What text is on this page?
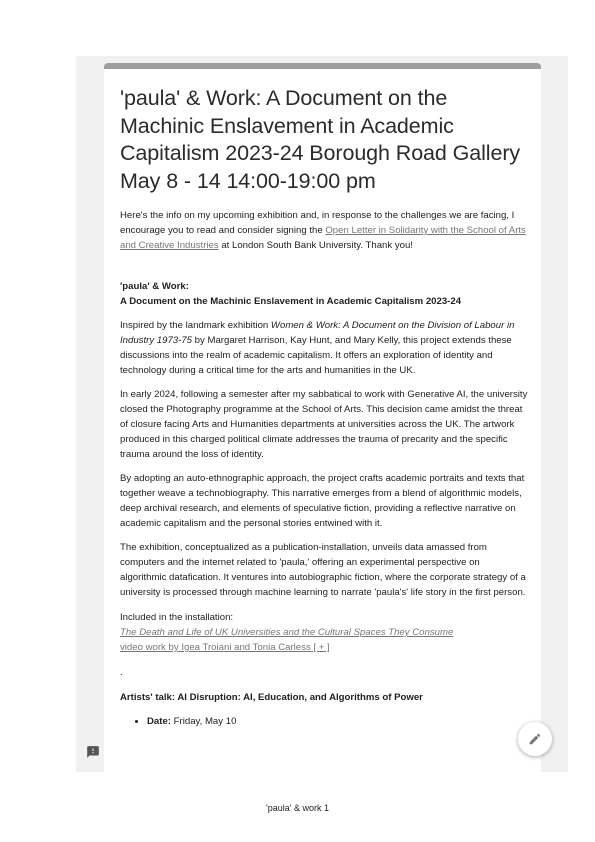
'paula' & Work: A Document on the Machinic Enslavement in Academic Capitalism 2023-24 Borough Road Gallery May 8 - 14 14:00-19:00 pm

Here's the info on my upcoming exhibition and, in response to the challenges we are facing, I encourage you to read and consider signing the Open Letter in Solidarity with the School of Arts and Creative Industries at London South Bank University. Thank you!

'paula' & Work:
A Document on the Machinic Enslavement in Academic Capitalism 2023-24

Inspired by the landmark exhibition Women & Work: A Document on the Division of Labour in Industry 1973-75 by Margaret Harrison, Kay Hunt, and Mary Kelly, this project extends these discussions into the realm of academic capitalism. It offers an exploration of identity and technology during a critical time for the arts and humanities in the UK.

In early 2024, following a semester after my sabbatical to work with Generative AI, the university closed the Photography programme at the School of Arts. This decision came amidst the threat of closure facing Arts and Humanities departments at universities across the UK. The artwork produced in this charged political climate addresses the trauma of precarity and the specific trauma around the loss of identity.

By adopting an auto-ethnographic approach, the project crafts academic portraits and texts that together weave a technobiography. This narrative emerges from a blend of algorithmic models, deep archival research, and elements of speculative fiction, providing a reflective narrative on academic capitalism and the personal stories entwined with it.

The exhibition, conceptualized as a publication-installation, unveils data amassed from computers and the internet related to 'paula,' offering an experimental perspective on algorithmic datafication. It ventures into autobiographic fiction, where the corporate strategy of a university is processed through machine learning to narrate 'paula's' life story in the first person.

Included in the installation:
The Death and Life of UK Universities and the Cultural Spaces They Consume
video work by Igea Troiani and Tonia Carless [ + ]

.

Artists' talk: AI Disruption: AI, Education, and Algorithms of Power

• Date: Friday, May 10
'paula' & work 1
